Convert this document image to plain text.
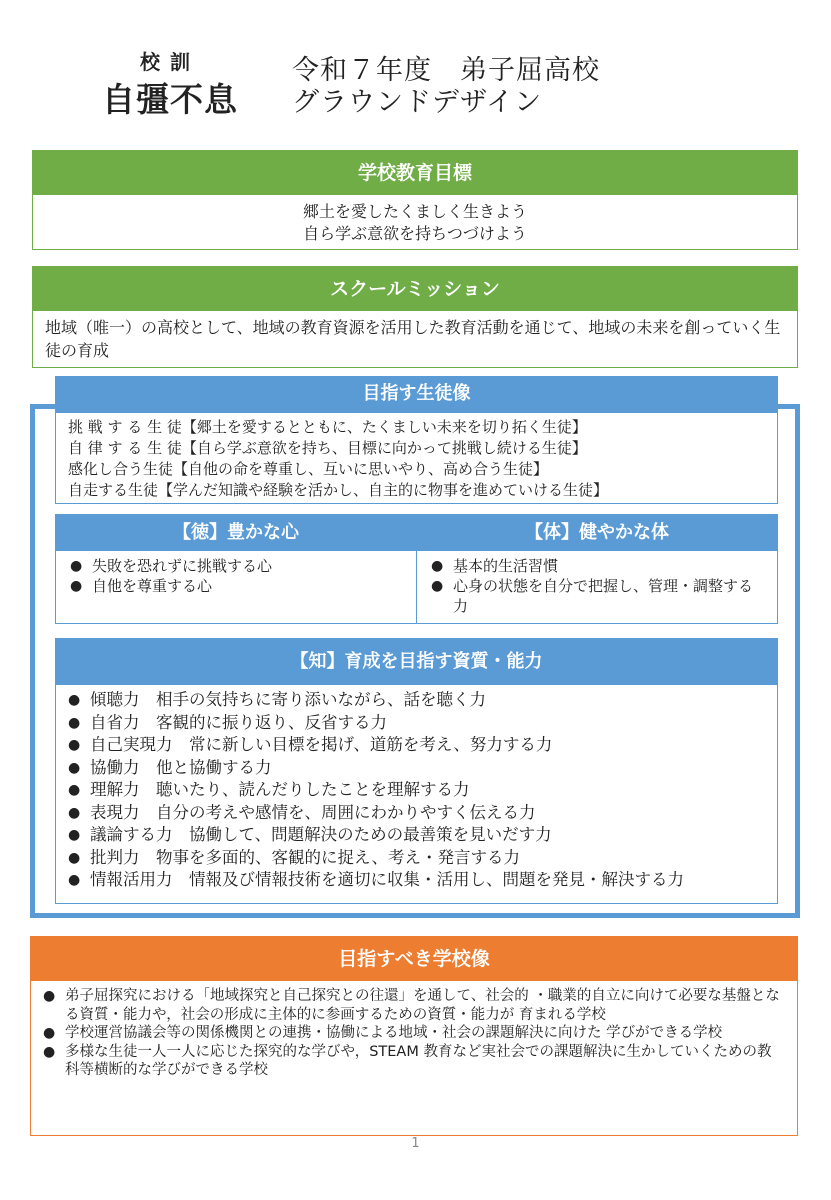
校訓
自彊不息
令和７年度　弟子屈高校
グラウンドデザイン
学校教育目標
郷土を愛したくましく生きよう
自ら学ぶ意欲を持ちつづけよう
スクールミッション
地域（唯一）の高校として、地域の教育資源を活用した教育活動を通じて、地域の未来を創っていく生徒の育成
目指す生徒像
挑 戦 す る 生 徒【郷土を愛するとともに、たくましい未来を切り拓く生徒】
自 律 す る 生 徒【自ら学ぶ意欲を持ち、目標に向かって挑戦し続ける生徒】
感化し合う生徒【自他の命を尊重し、互いに思いやり、高め合う生徒】
自走する生徒【学んだ知識や経験を活かし、自主的に物事を進めていける生徒】
【徳】豊かな心
● 失敗を恐れずに挑戦する心
● 自他を尊重する心
【体】健やかな体
● 基本的生活習慣
● 心身の状態を自分で把握し、管理・調整する力
【知】育成を目指す資質・能力
● 傾聴力　相手の気持ちに寄り添いながら、話を聴く力
● 自省力　客観的に振り返り、反省する力
● 自己実現力　常に新しい目標を掲げ、道筋を考え、努力する力
● 協働力　他と協働する力
● 理解力　聴いたり、読んだりしたことを理解する力
● 表現力　自分の考えや感情を、周囲にわかりやすく伝える力
● 議論する力　協働して、問題解決のための最善策を見いだす力
● 批判力　物事を多面的、客観的に捉え、考え・発言する力
● 情報活用力　情報及び情報技術を適切に収集・活用し、問題を発見・解決する力
目指すべき学校像
● 弟子屈探究における「地域探究と自己探究との往還」を通して、社会的 ・職業的自立に向けて必要な基盤となる資質・能力や，社会の形成に主体的に参画するための資質・能力が 育まれる学校
● 学校運営協議会等の関係機関との連携・協働による地域・社会の課題解決に向けた 学びができる学校
● 多様な生徒一人一人に応じた探究的な学びや，STEAM 教育など実社会での課題解決に生かしていくための教科等横断的な学びができる学校
1
